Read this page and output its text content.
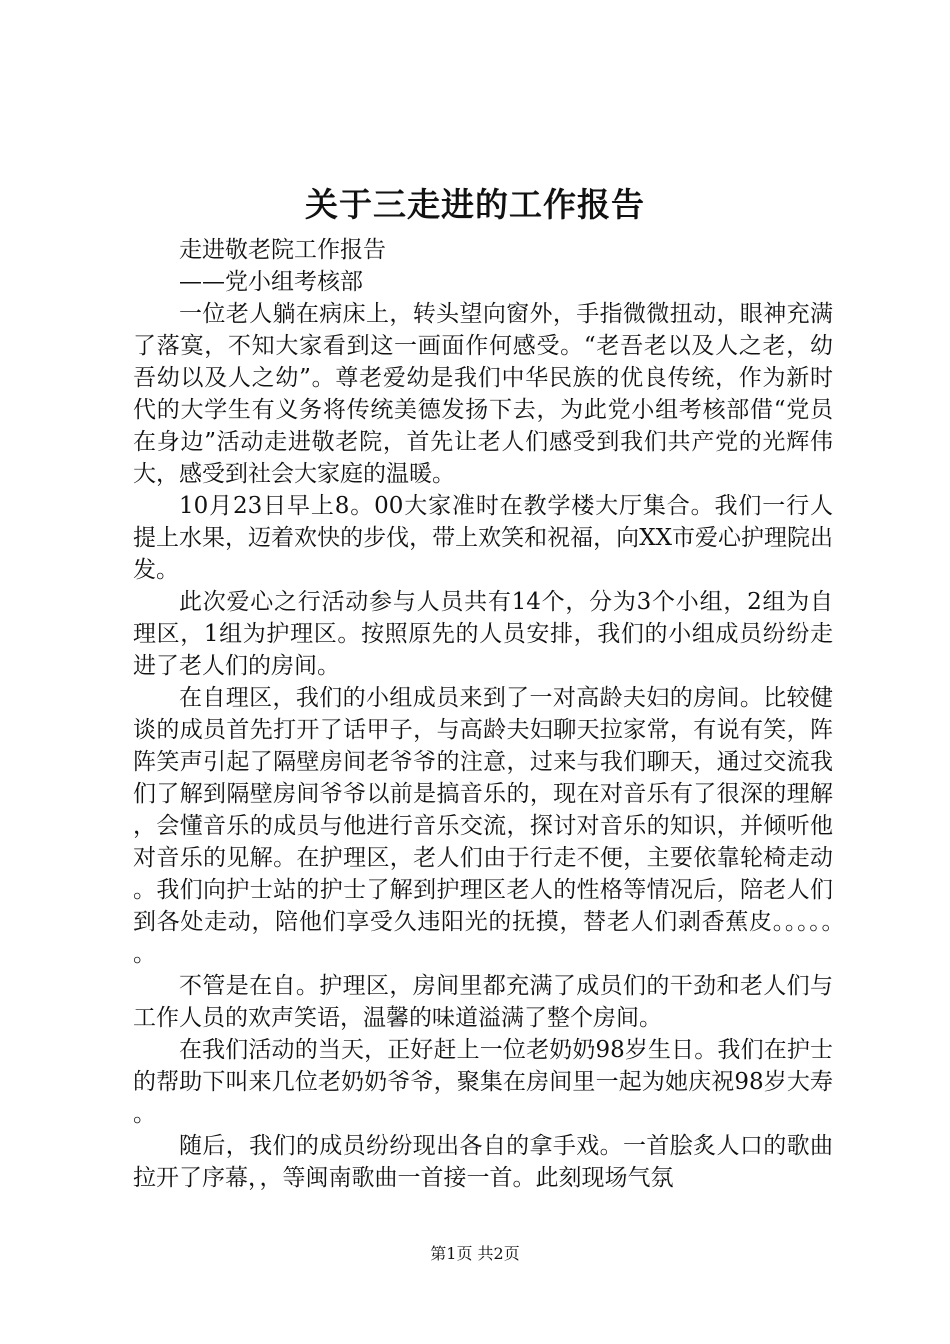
关于三走进的工作报告

走进敬老院工作报告

——党小组考核部

一位老人躺在病床上，转头望向窗外，手指微微扭动，眼神充满了落寞，不知大家看到这一画面作何感受。“老吾老以及人之老，幼吾幼以及人之幼”。尊老爱幼是我们中华民族的优良传统，作为新时代的大学生有义务将传统美德发扬下去，为此党小组考核部借“党员在身边”活动走进敬老院，首先让老人们感受到我们共产党的光辉伟大，感受到社会大家庭的温暖。

10月23日早上8。00大家准时在教学楼大厅集合。我们一行人提上水果，迈着欢快的步伐，带上欢笑和祝福，向XX市爱心护理院出发。

此次爱心之行活动参与人员共有14个，分为3个小组，2组为自理区，1组为护理区。按照原先的人员安排，我们的小组成员纷纷走进了老人们的房间。

在自理区，我们的小组成员来到了一对高龄夫妇的房间。比较健谈的成员首先打开了话甲子，与高龄夫妇聊天拉家常，有说有笑，阵阵笑声引起了隔壁房间老爷爷的注意，过来与我们聊天，通过交流我们了解到隔壁房间爷爷以前是搞音乐的，现在对音乐有了很深的理解，会懂音乐的成员与他进行音乐交流，探讨对音乐的知识，并倾听他对音乐的见解。在护理区，老人们由于行走不便，主要依靠轮椅走动。我们向护士站的护士了解到护理区老人的性格等情况后，陪老人们到各处走动，陪他们享受久违阳光的抚摸，替老人们剥香蕉皮。。。。。。

不管是在自。护理区，房间里都充满了成员们的干劲和老人们与工作人员的欢声笑语，温馨的味道溢满了整个房间。

在我们活动的当天，正好赶上一位老奶奶98岁生日。我们在护士的帮助下叫来几位老奶奶爷爷，聚集在房间里一起为她庆祝98岁大寿。

随后，我们的成员纷纷现出各自的拿手戏。一首脍炙人口的歌曲拉开了序幕，，等闽南歌曲一首接一首。此刻现场气氛

第1页 共2页
